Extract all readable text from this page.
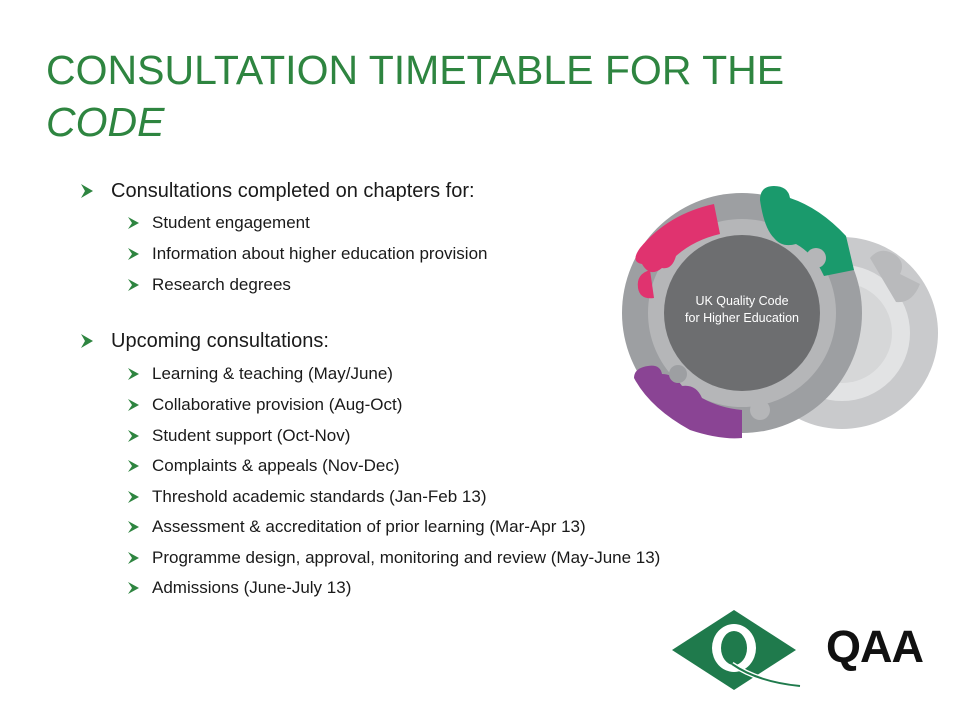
CONSULTATION TIMETABLE FOR THE
CODE
Consultations completed on chapters for:
Student engagement
Information about higher education provision
Research degrees
Upcoming consultations:
Learning & teaching (May/June)
Collaborative provision (Aug-Oct)
Student support (Oct-Nov)
Complaints & appeals (Nov-Dec)
Threshold academic standards (Jan-Feb 13)
Assessment & accreditation of prior learning (Mar-Apr 13)
Programme design, approval, monitoring and review (May-June 13)
Admissions (June-July 13)
UK Quality Code
for Higher Education
QAA
